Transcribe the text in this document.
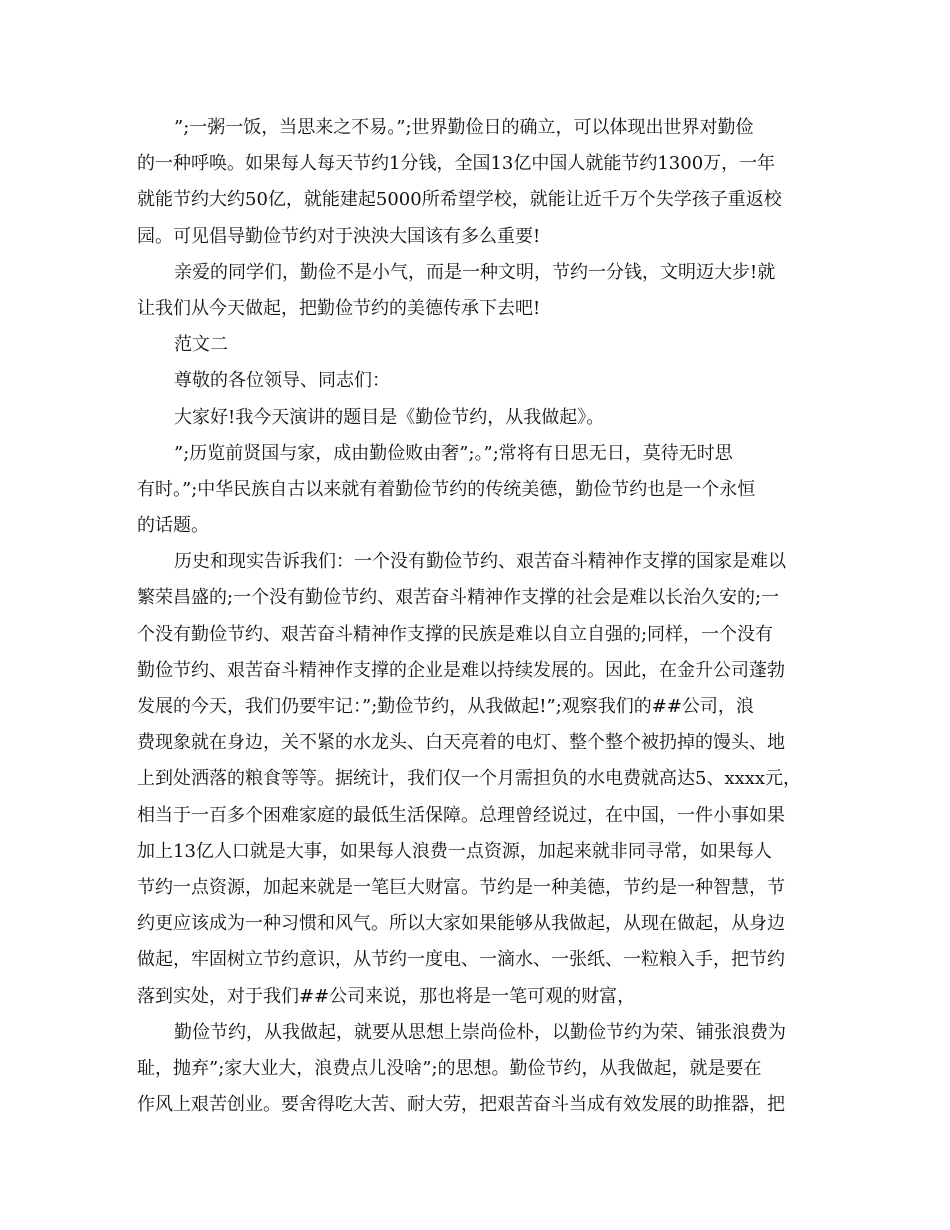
”;一粥一饭，当思来之不易。”;世界勤俭日的确立，可以体现出世界对勤俭
的一种呼唤。如果每人每天节约1分钱，全国13亿中国人就能节约1300万，一年
就能节约大约50亿，就能建起5000所希望学校，就能让近千万个失学孩子重返校
园。可见倡导勤俭节约对于泱泱大国该有多么重要!
亲爱的同学们，勤俭不是小气，而是一种文明，节约一分钱，文明迈大步!就
让我们从今天做起，把勤俭节约的美德传承下去吧!
范文二
尊敬的各位领导、同志们：
大家好!我今天演讲的题目是《勤俭节约，从我做起》。
”;历览前贤国与家，成由勤俭败由奢”;。”;常将有日思无日，莫待无时思
有时。”;中华民族自古以来就有着勤俭节约的传统美德，勤俭节约也是一个永恒
的话题。
历史和现实告诉我们：一个没有勤俭节约、艰苦奋斗精神作支撑的国家是难以
繁荣昌盛的;一个没有勤俭节约、艰苦奋斗精神作支撑的社会是难以长治久安的;一
个没有勤俭节约、艰苦奋斗精神作支撑的民族是难以自立自强的;同样，一个没有
勤俭节约、艰苦奋斗精神作支撑的企业是难以持续发展的。因此，在金升公司蓬勃
发展的今天，我们仍要牢记：”;勤俭节约，从我做起!”;观察我们的##公司，浪
费现象就在身边，关不紧的水龙头、白天亮着的电灯、整个整个被扔掉的馒头、地
上到处洒落的粮食等等。据统计，我们仅一个月需担负的水电费就高达5、xxxx元，
相当于一百多个困难家庭的最低生活保障。总理曾经说过，在中国，一件小事如果
加上13亿人口就是大事，如果每人浪费一点资源，加起来就非同寻常，如果每人
节约一点资源，加起来就是一笔巨大财富。节约是一种美德，节约是一种智慧，节
约更应该成为一种习惯和风气。所以大家如果能够从我做起，从现在做起，从身边
做起，牢固树立节约意识，从节约一度电、一滴水、一张纸、一粒粮入手，把节约
落到实处，对于我们##公司来说，那也将是一笔可观的财富，
勤俭节约，从我做起，就要从思想上崇尚俭朴，以勤俭节约为荣、铺张浪费为
耻，抛弃”;家大业大，浪费点儿没啥”;的思想。勤俭节约，从我做起，就是要在
作风上艰苦创业。要舍得吃大苦、耐大劳，把艰苦奋斗当成有效发展的助推器，把
